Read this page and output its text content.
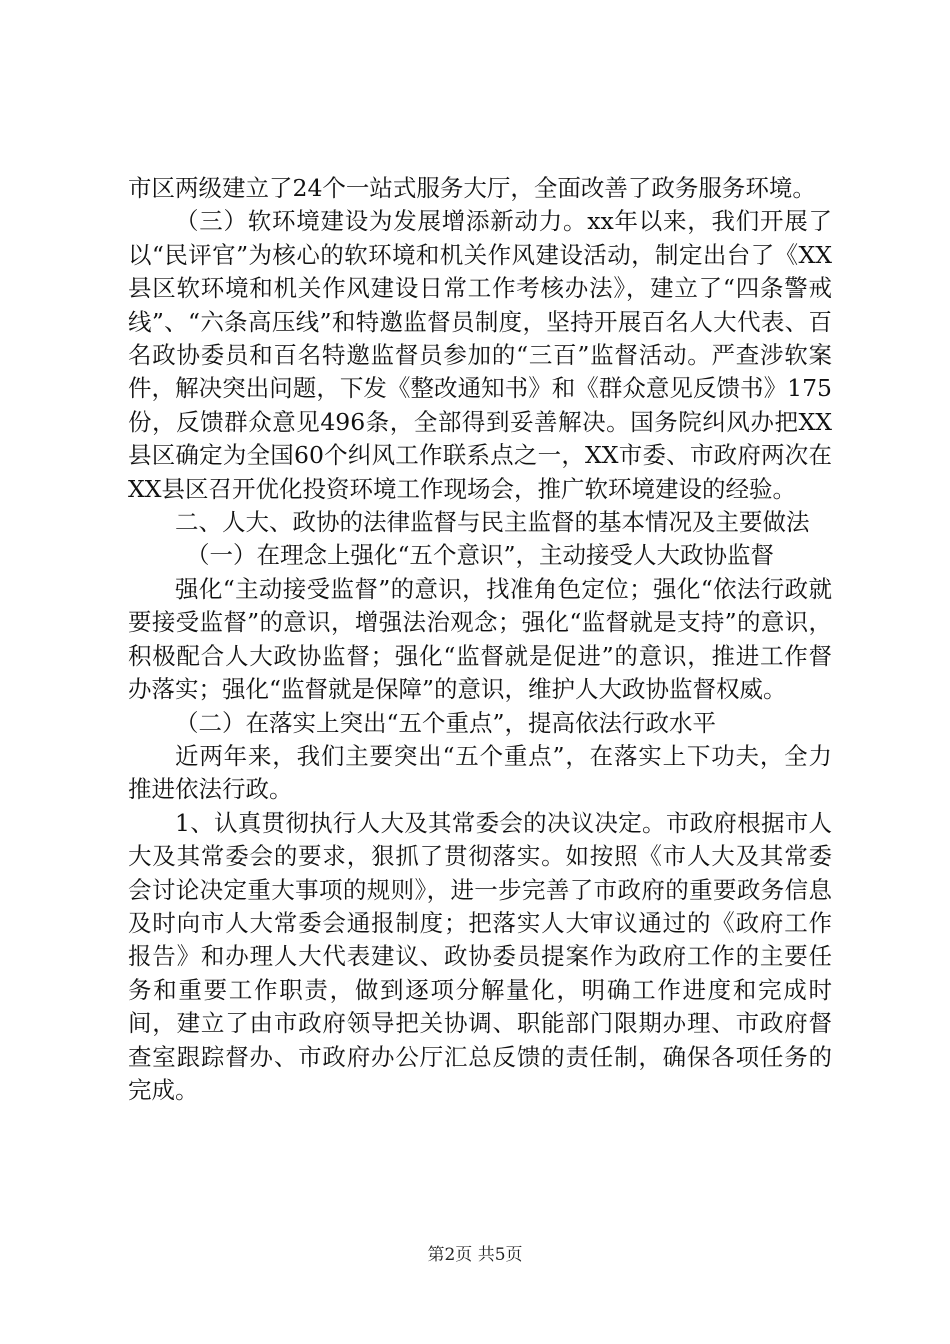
市区两级建立了24个一站式服务大厅，全面改善了政务服务环境。

（三）软环境建设为发展增添新动力。xx年以来，我们开展了以“民评官”为核心的软环境和机关作风建设活动，制定出台了《XX县区软环境和机关作风建设日常工作考核办法》，建立了“四条警戒线”、“六条高压线”和特邀监督员制度，坚持开展百名人大代表、百名政协委员和百名特邀监督员参加的“三百”监督活动。严查涉软案件，解决突出问题，下发《整改通知书》和《群众意见反馈书》175份，反馈群众意见496条，全部得到妥善解决。国务院纠风办把XX县区确定为全国60个纠风工作联系点之一，XX市委、市政府两次在XX县区召开优化投资环境工作现场会，推广软环境建设的经验。

二、人大、政协的法律监督与民主监督的基本情况及主要做法

（一）在理念上强化“五个意识”，主动接受人大政协监督

强化“主动接受监督”的意识，找准角色定位；强化“依法行政就要接受监督”的意识，增强法治观念；强化“监督就是支持”的意识，积极配合人大政协监督；强化“监督就是促进”的意识，推进工作督办落实；强化“监督就是保障”的意识，维护人大政协监督权威。

（二）在落实上突出“五个重点”，提高依法行政水平

近两年来，我们主要突出“五个重点”，在落实上下功夫，全力推进依法行政。

1、认真贯彻执行人大及其常委会的决议决定。市政府根据市人大及其常委会的要求，狠抓了贯彻落实。如按照《市人大及其常委会讨论决定重大事项的规则》，进一步完善了市政府的重要政务信息及时向市人大常委会通报制度；把落实人大审议通过的《政府工作报告》和办理人大代表建议、政协委员提案作为政府工作的主要任务和重要工作职责，做到逐项分解量化，明确工作进度和完成时间，建立了由市政府领导把关协调、职能部门限期办理、市政府督查室跟踪督办、市政府办公厅汇总反馈的责任制，确保各项任务的完成。

第2页 共5页
